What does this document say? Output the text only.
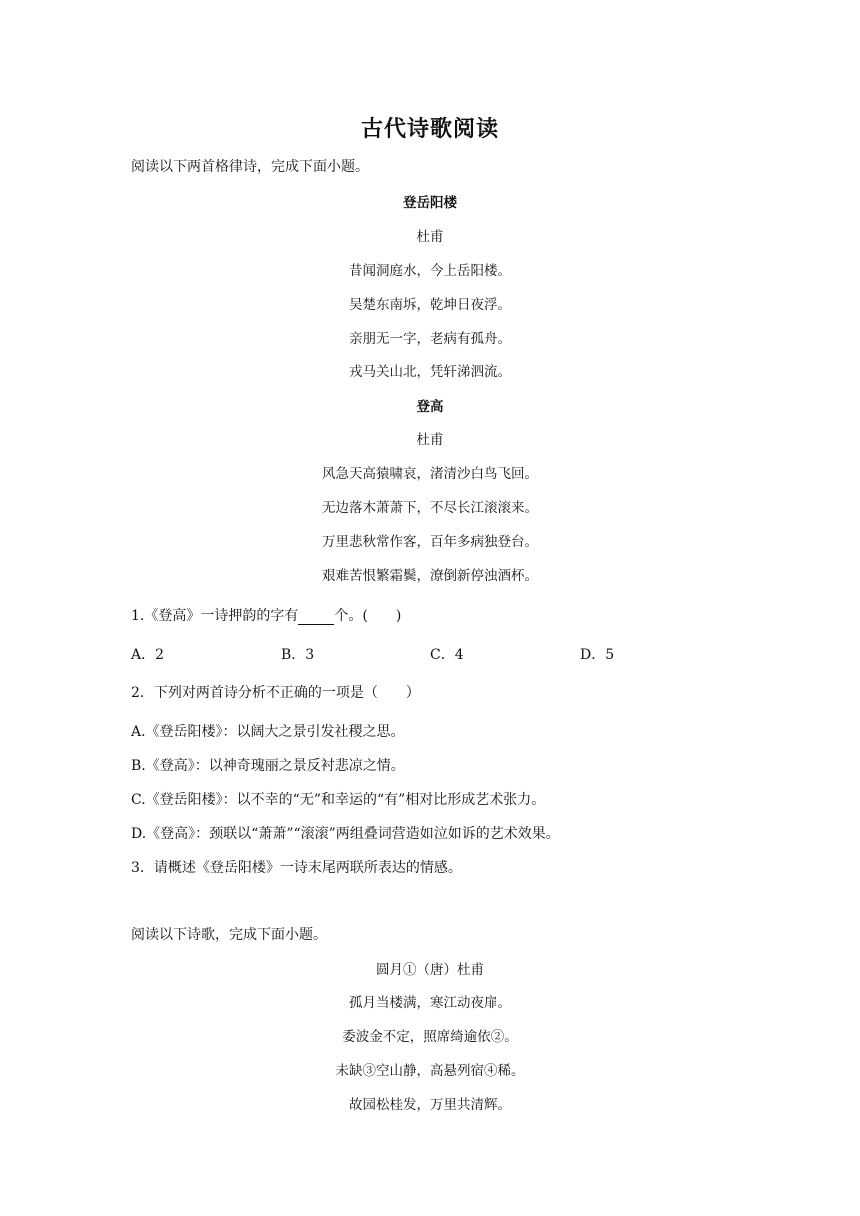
古代诗歌阅读
阅读以下两首格律诗，完成下面小题。
登岳阳楼
杜甫
昔闻洞庭水，今上岳阳楼。
吴楚东南坼，乾坤日夜浮。
亲朋无一字，老病有孤舟。
戎马关山北，凭轩涕泗流。
登高
杜甫
风急天高猿啸哀，渚清沙白鸟飞回。
无边落木萧萧下，不尽长江滚滚来。
万里悲秋常作客，百年多病独登台。
艰难苦恨繁霜鬓，潦倒新停浊酒杯。
1.《登高》一诗押韵的字有	个。(　　)
A．2	B．3	C．4	D．5
2．下列对两首诗分析不正确的一项是（　　）
A.《登岳阳楼》：以阔大之景引发社稷之思。
B.《登高》：以神奇瑰丽之景反衬悲凉之情。
C.《登岳阳楼》：以不幸的“无”和幸运的“有”相对比形成艺术张力。
D.《登高》：颈联以“萧萧”“滚滚”两组叠词营造如泣如诉的艺术效果。
3．请概述《登岳阳楼》一诗末尾两联所表达的情感。
阅读以下诗歌，完成下面小题。
圆月①（唐）杜甫
孤月当楼满，寒江动夜扉。
委波金不定，照席绮逾依②。
未缺③空山静，高悬列宿④稀。
故园松桂发，万里共清辉。
